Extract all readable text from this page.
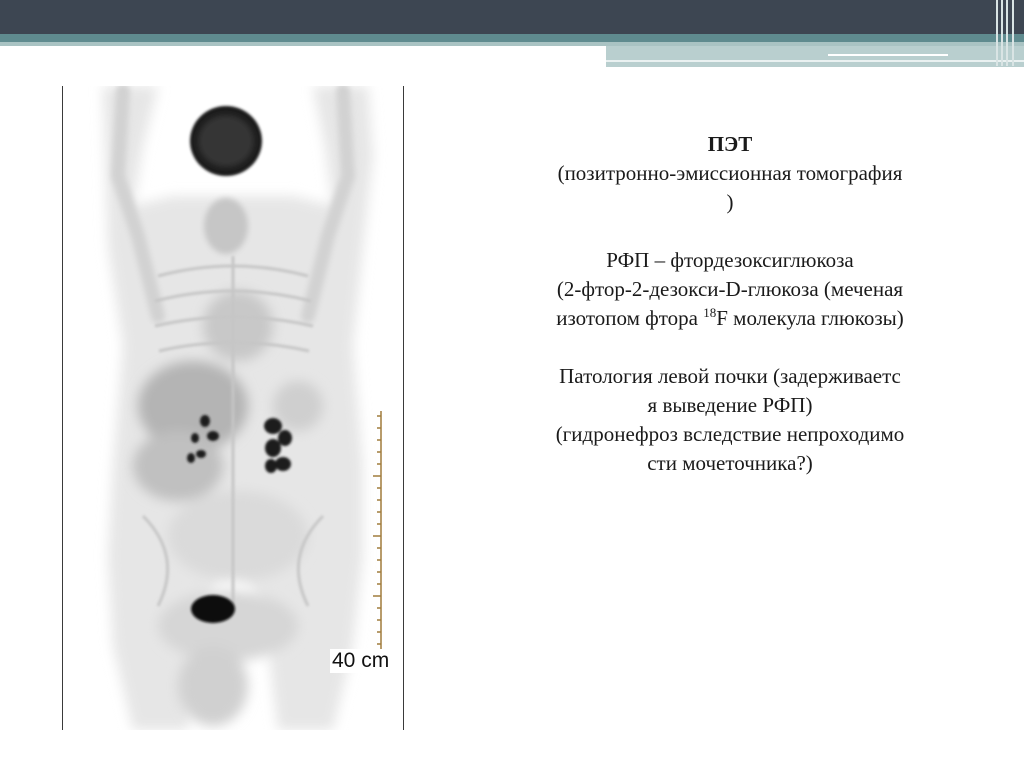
40 cm

ПЭТ

(позитронно-эмиссионная томография

)

РФП – фтордезоксиглюкоза

(2-фтор-2-дезокси-D-глюкоза (меченая

изотопом фтора $^{18}$F молекула глюкозы)

Патология левой почки (задерживаетс

я выведение РФП)

(гидронефроз вследствие непроходимо

сти мочеточника?)
